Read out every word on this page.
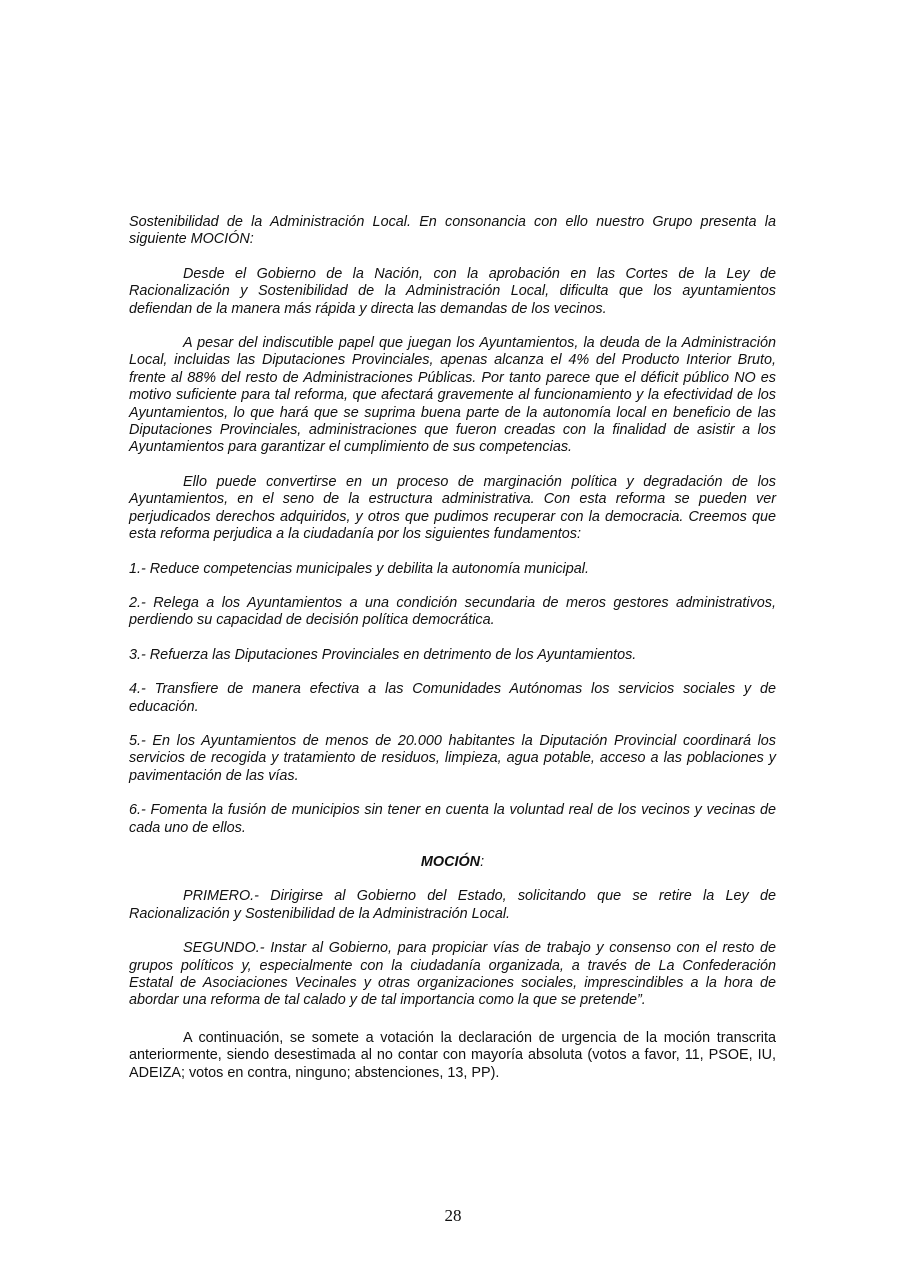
Sostenibilidad de la Administración Local. En consonancia con ello nuestro Grupo presenta la siguiente MOCIÓN:

Desde el Gobierno de la Nación, con la aprobación en las Cortes de la Ley de Racionalización y Sostenibilidad de la Administración Local, dificulta que los ayuntamientos defiendan de la manera más rápida y directa las demandas de los vecinos.

A pesar del indiscutible papel que juegan los Ayuntamientos, la deuda de la Administración Local, incluidas las Diputaciones Provinciales, apenas alcanza el 4% del Producto Interior Bruto, frente al 88% del resto de Administraciones Públicas. Por tanto parece que el déficit público NO es motivo suficiente para tal reforma, que afectará gravemente al funcionamiento y la efectividad de los Ayuntamientos, lo que hará que se suprima buena parte de la autonomía local en beneficio de las Diputaciones Provinciales, administraciones que fueron creadas con la finalidad de asistir a los Ayuntamientos para garantizar el cumplimiento de sus competencias.

Ello puede convertirse en un proceso de marginación política y degradación de los Ayuntamientos, en el seno de la estructura administrativa. Con esta reforma se pueden ver perjudicados derechos adquiridos, y otros que pudimos recuperar con la democracia. Creemos que esta reforma perjudica a la ciudadanía por los siguientes fundamentos:

1.- Reduce competencias municipales y debilita la autonomía municipal.

2.- Relega a los Ayuntamientos a una condición secundaria de meros gestores administrativos, perdiendo su capacidad de decisión política democrática.

3.- Refuerza las Diputaciones Provinciales en detrimento de los Ayuntamientos.

4.- Transfiere de manera efectiva a las Comunidades Autónomas los servicios sociales y de educación.

5.- En los Ayuntamientos de menos de 20.000 habitantes la Diputación Provincial coordinará los servicios de recogida y tratamiento de residuos, limpieza, agua potable, acceso a las poblaciones y pavimentación de las vías.

6.- Fomenta la fusión de municipios sin tener en cuenta la voluntad real de los vecinos y vecinas de cada uno de ellos.

MOCIÓN:

PRIMERO.- Dirigirse al Gobierno del Estado, solicitando que se retire la Ley de Racionalización y Sostenibilidad de la Administración Local.

SEGUNDO.- Instar al Gobierno, para propiciar vías de trabajo y consenso con el resto de grupos políticos y, especialmente con la ciudadanía organizada, a través de La Confederación Estatal de Asociaciones Vecinales y otras organizaciones sociales, imprescindibles a la hora de abordar una reforma de tal calado y de tal importancia como la que se pretende”.

A continuación, se somete a votación la declaración de urgencia de la moción transcrita anteriormente, siendo desestimada al no contar con mayoría absoluta (votos a favor, 11, PSOE, IU, ADEIZA; votos en contra, ninguno; abstenciones, 13, PP).

28
